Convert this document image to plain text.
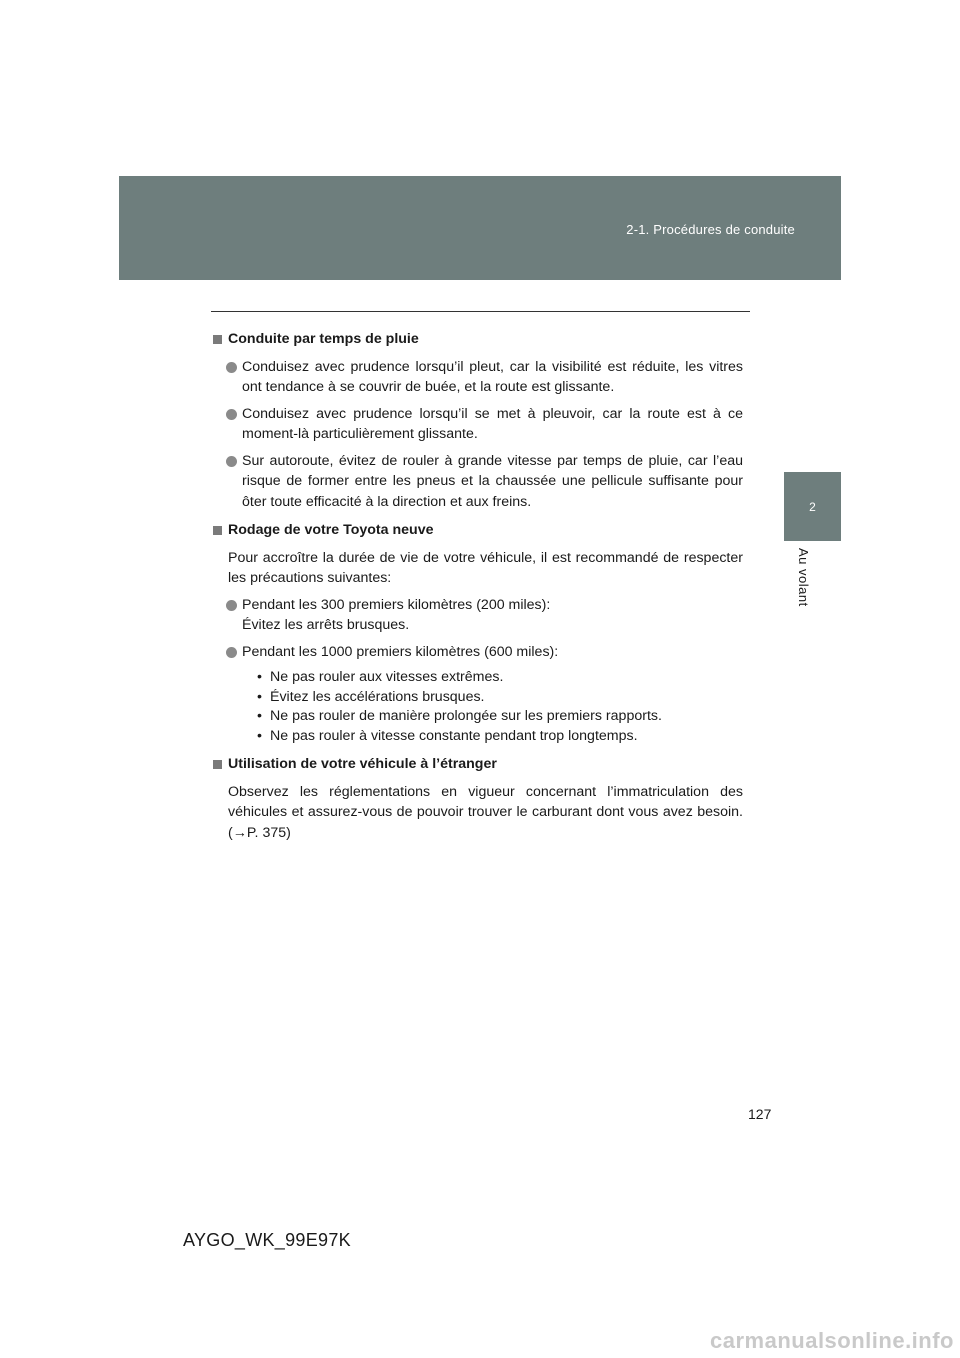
2-1. Procédures de conduite
2
Au volant
Conduite par temps de pluie
Conduisez avec prudence lorsqu’il pleut, car la visibilité est réduite, les vitres ont tendance à se couvrir de buée, et la route est glissante.
Conduisez avec prudence lorsqu’il se met à pleuvoir, car la route est à ce moment-là particulièrement glissante.
Sur autoroute, évitez de rouler à grande vitesse par temps de pluie, car l’eau risque de former entre les pneus et la chaussée une pellicule suffisante pour ôter toute efficacité à la direction et aux freins.
Rodage de votre Toyota neuve
Pour accroître la durée de vie de votre véhicule, il est recommandé de respecter les précautions suivantes:
Pendant les 300 premiers kilomètres (200 miles):
Évitez les arrêts brusques.
Pendant les 1000 premiers kilomètres (600 miles):
• Ne pas rouler aux vitesses extrêmes.
• Évitez les accélérations brusques.
• Ne pas rouler de manière prolongée sur les premiers rapports.
• Ne pas rouler à vitesse constante pendant trop longtemps.
Utilisation de votre véhicule à l’étranger
Observez les réglementations en vigueur concernant l’immatriculation des véhicules et assurez-vous de pouvoir trouver le carburant dont vous avez besoin. (→P. 375)
127
AYGO_WK_99E97K
carmanualsonline.info
